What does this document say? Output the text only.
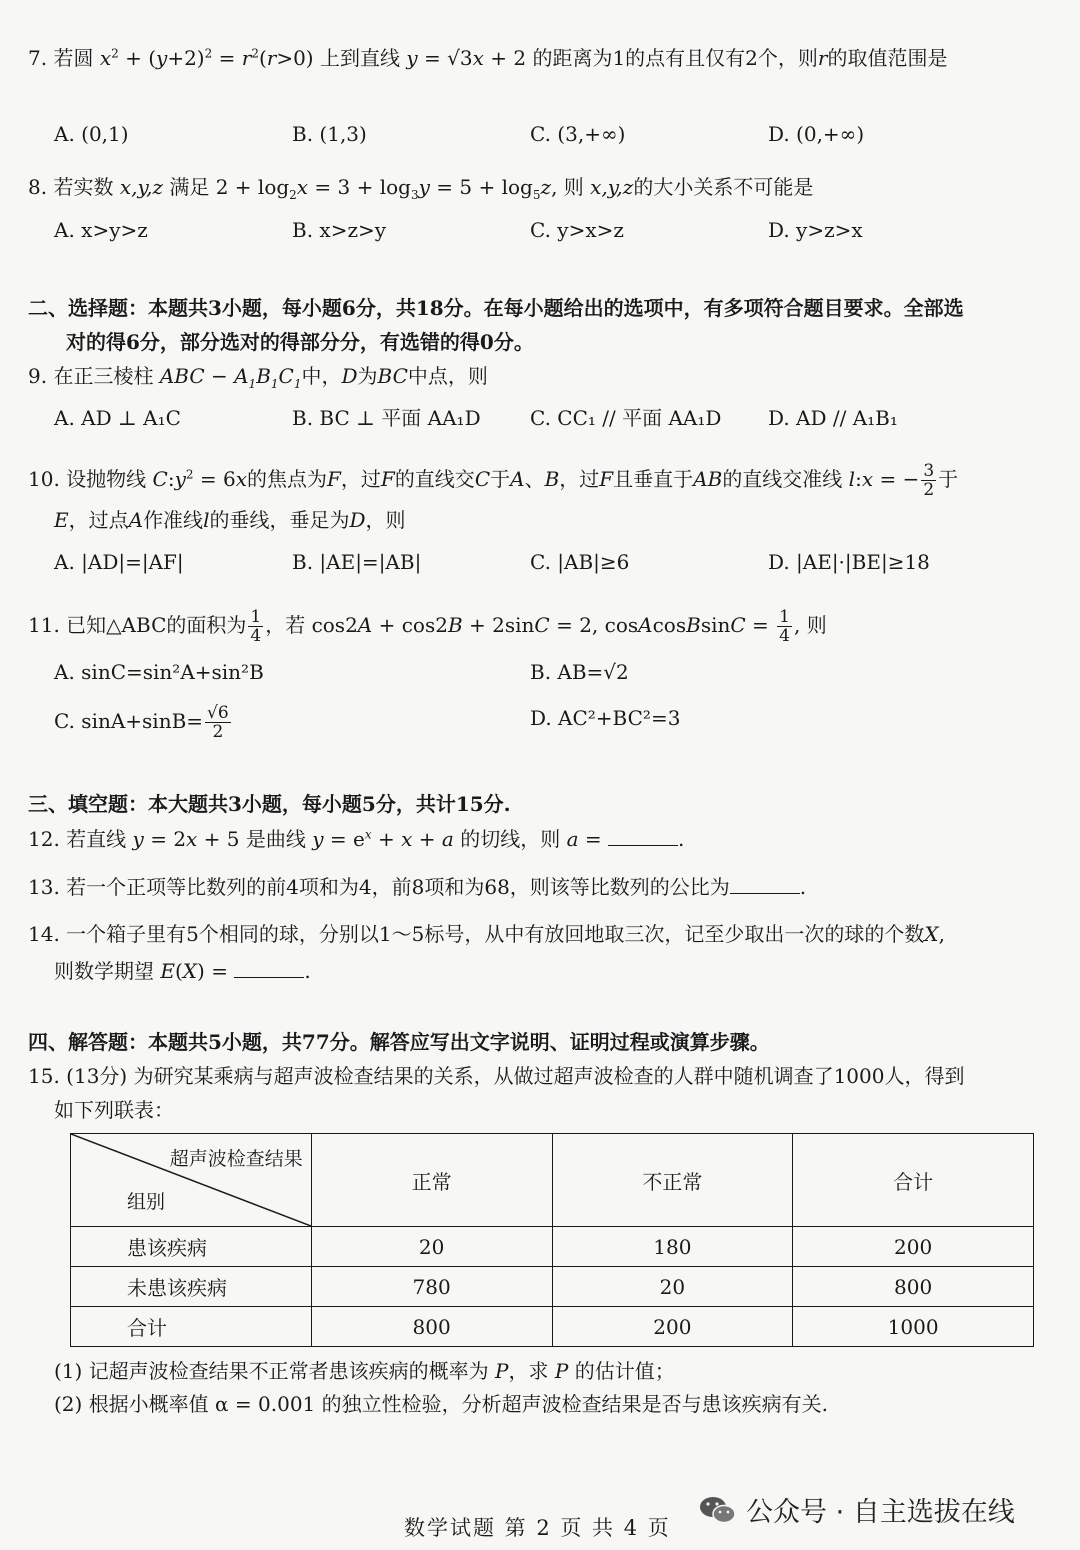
7. 若圆 $x^2 + (y+2)^2 = r^2(r>0)$ 上到直线 y = √3x + 2 的距离为1的点有且仅有2个，则r的取值范围是
A. (0,1)	B. (1,3)	C. (3,+∞)	D. (0,+∞)
8. 若实数 x,y,z 满足 $2 + \log_2x = 3 + \log_3y = 5 + \log_5z$, 则 x,y,z的大小关系不可能是
A. x>y>z	B. x>z>y	C. y>x>z	D. y>z>x
二、选择题：本题共3小题，每小题6分，共18分。在每小题给出的选项中，有多项符合题目要求。全部选
对的得6分，部分选对的得部分分，有选错的得0分。
9. 在正三棱柱 ABC − $A_1B_1C_1$中，D为BC中点，则
A. AD ⊥ A₁C	B. BC ⊥ 平面 AA₁D C. CC₁ // 平面 AA₁D D. AD // A₁B₁
10. 设抛物线 $C:y^2 = 6x$的焦点为F，过F的直线交C于A、B，过F且垂直于AB的直线交准线 l:x = − $\frac{3}{2}$ 于
E，过点A作准线l的垂线，垂足为D，则
A. |AD|=|AF|	B. |AE|=|AB|	C. |AB|≥6	D. |AE|·|BE|≥18
11. 已知△ABC的面积为 $\frac{1}{4}$ ，若 cos2A + cos2B + 2sinC = 2, cosAcosBsinC = $\frac{1}{4}$ , 则
A. sinC=sin²A+sin²B	B. AB=√2
C. $\sin A+\sin B= \frac{√6}{2}$	D. AC²+BC²=3
三、填空题：本大题共3小题，每小题5分，共计15分.
12. 若直线 y = 2x + 5 是曲线 $y = e^x + x + a$ 的切线，则 a =	.
13. 若一个正项等比数列的前4项和为4，前8项和为68，则该等比数列的公比为	.
14. 一个箱子里有5个相同的球，分别以1～5标号，从中有放回地取三次，记至少取出一次的球的个数X,
则数学期望 E(X) =	.
四、解答题：本题共5小题，共77分。解答应写出文字说明、证明过程或演算步骤。
15. (13分) 为研究某乘病与超声波检查结果的关系，从做过超声波检查的人群中随机调查了1000人，得到
如下列联表：
超声波检查结果
组别	正常	不正常	合计
患该疾病	20	180	200
未患该疾病	780	20	800
合计	800	200	1000
(1) 记超声波检查结果不正常者患该疾病的概率为 P，求 P 的估计值；
(2) 根据小概率值 α = 0.001 的独立性检验，分析超声波检查结果是否与患该疾病有关.
公众号 · 自主选拔在线
数学试题 第 2 页 共 4 页
